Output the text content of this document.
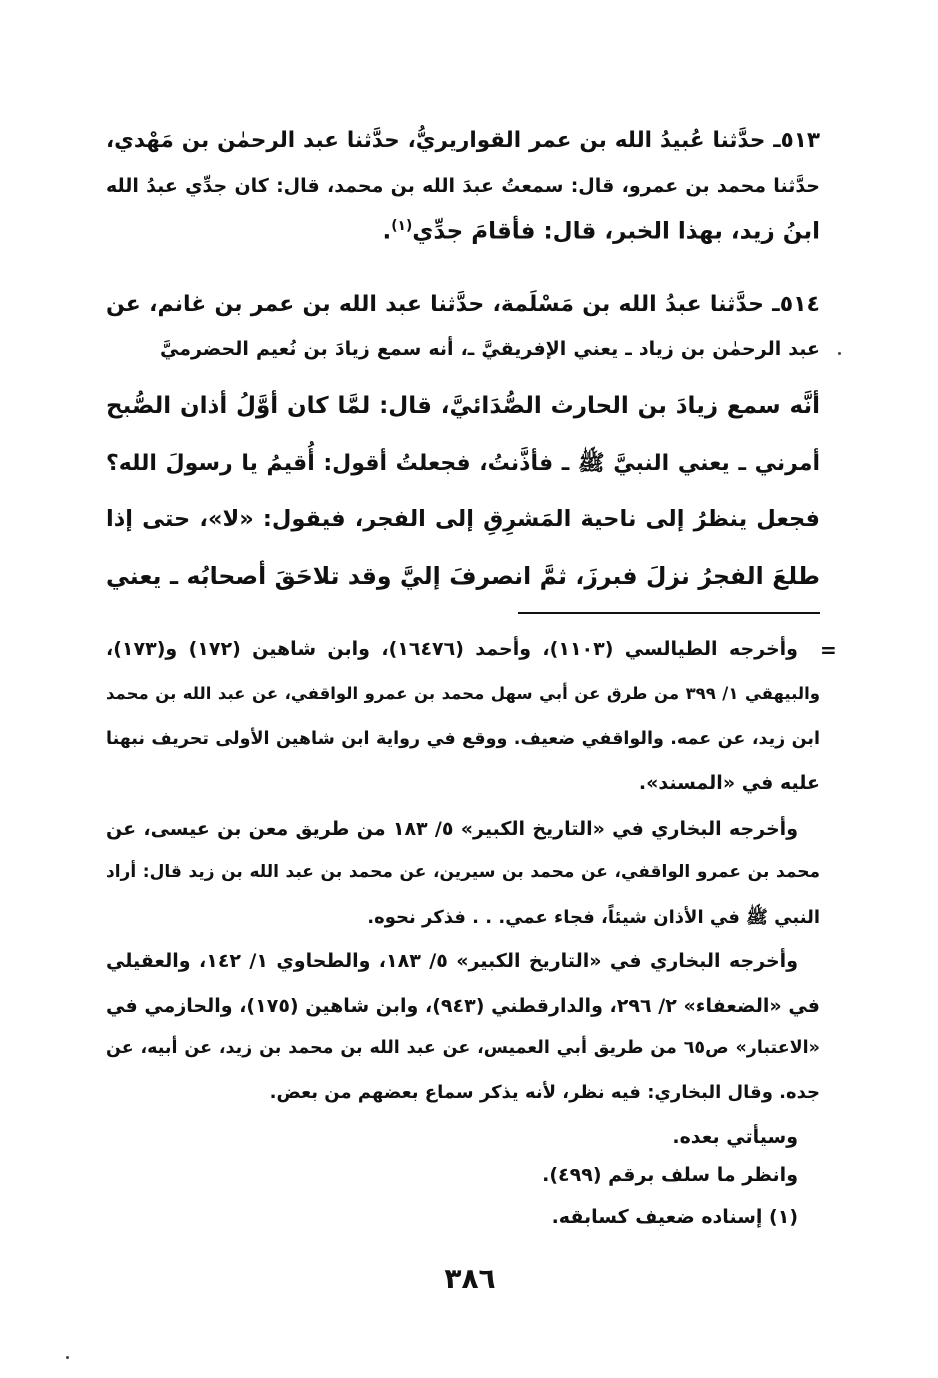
٥١٣ـ حدَّثنا عُبيدُ الله بن عمر القواريريُّ، حدَّثنا عبد الرحمٰن بن مَهْدي،
حدَّثنا محمد بن عمرو، قال: سمعتُ عبدَ الله بن محمد، قال: كان جدِّي عبدُ الله
ابنُ زيد، بهذا الخبر، قال: فأقامَ جدِّي$^{(١)}$.
٥١٤ـ حدَّثنا عبدُ الله بن مَسْلَمة، حدَّثنا عبد الله بن عمر بن غانم، عن
عبد الرحمٰن بن زياد ـ يعني الإفريقيَّ ـ، أنه سمع زيادَ بن نُعيم الحضرميَّ
أنَّه سمع زيادَ بن الحارث الصُّدَائيَّ، قال: لمَّا كان أوَّلُ أذان الصُّبح
أمرني ـ يعني النبيَّ ﷺ ـ فأذَّنتُ، فجعلتُ أقول: أُقيمُ يا رسولَ الله؟
فجعل ينظرُ إلى ناحية المَشرِقِ إلى الفجر، فيقول: «لا»، حتى إذا
طلعَ الفجرُ نزلَ فبرزَ، ثمَّ انصرفَ إليَّ وقد تلاحَقَ أصحابُه ـ يعني
=
وأخرجه الطيالسي (١١٠٣)، وأحمد (١٦٤٧٦)، وابن شاهين (١٧٢) و(١٧٣)،
والبيهقي ١/ ٣٩٩ من طرق عن أبي سهل محمد بن عمرو الواقفي، عن عبد الله بن محمد
ابن زيد، عن عمه. والواقفي ضعيف. ووقع في رواية ابن شاهين الأولى تحريف نبهنا
عليه في «المسند».
وأخرجه البخاري في «التاريخ الكبير» ٥/ ١٨٣ من طريق معن بن عيسى، عن
محمد بن عمرو الواقفي، عن محمد بن سيرين، عن محمد بن عبد الله بن زيد قال: أراد
النبي ﷺ في الأذان شيئاً، فجاء عمي. . . فذكر نحوه.
وأخرجه البخاري في «التاريخ الكبير» ٥/ ١٨٣، والطحاوي ١/ ١٤٢، والعقيلي
في «الضعفاء» ٢/ ٢٩٦، والدارقطني (٩٤٣)، وابن شاهين (١٧٥)، والحازمي في
«الاعتبار» ص٦٥ من طريق أبي العميس، عن عبد الله بن محمد بن زيد، عن أبيه، عن
جده. وقال البخاري: فيه نظر، لأنه يذكر سماع بعضهم من بعض.
وسيأتي بعده.
وانظر ما سلف برقم (٤٩٩).
(١) إسناده ضعيف كسابقه.
٣٨٦
